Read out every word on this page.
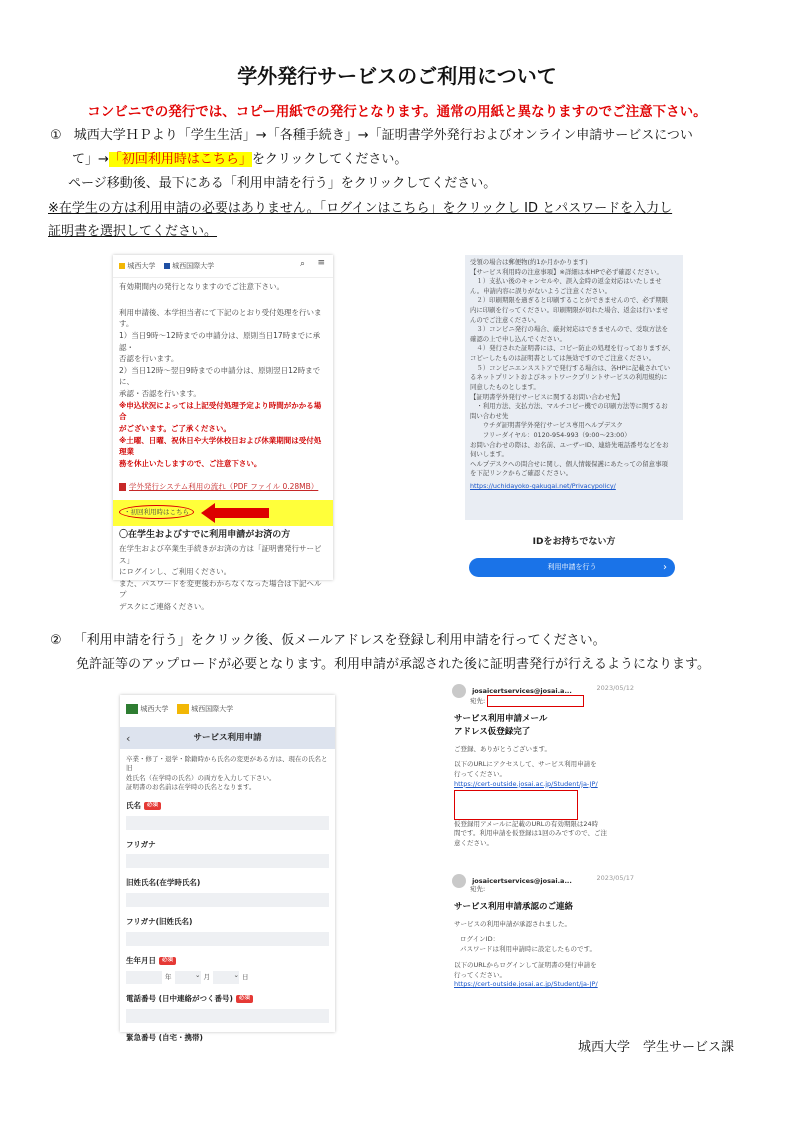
学外発行サービスのご利用について
コンビニでの発行では、コピー用紙での発行となります。通常の用紙と異なりますのでご注意下さい。
① 城西大学ＨＰより「学生生活」→「各種手続き」→「証明書学外発行およびオンライン申請サービスについ
て」→「初回利用時はこちら」をクリックしてください。
ページ移動後、最下にある「利用申請を行う」をクリックしてください。
※在学生の方は利用申請の必要はありません。「ログインはこちら」をクリックし ID とパスワードを入力し
証明書を選択してください。
城西大学 城西国際大学	⌕ ≡
有効期間内の発行となりますのでご注意下さい。
利用申請後、本学担当者にて下記のとおり受付処理を行いま
す。
1）当日9時～12時までの申請分は、原則当日17時までに承認・
否認を行います。
2）当日12時～翌日9時までの申請分は、原則翌日12時までに、
承認・否認を行います。
※申込状況によっては上記受付処理予定より時間がかかる場合
がございます。ご了承ください。
※土曜、日曜、祝休日や大学休校日および休業期間は受付処理業
務を休止いたしますので、ご注意下さい。
学外発行システム利用の流れ（PDF ファイル 0.28MB）
・初回利用時はこちら
〇在学生およびすでに利用申請がお済の方
在学生および卒業生手続きがお済の方は「証明書発行サービス」
にログインし、ご利用ください。
また、パスワードを変更後わからなくなった場合は下記ヘルプ
デスクにご連絡ください。
受領の場合は郵便物(約1か月かかります)
【サービス利用時の注意事項】※詳細は本HPで必ず確認ください。
　１）支払い後のキャンセルや、誤入金時の返金対応はいたしませ
ん。申請内容に誤りがないようご注意ください。
　２）印刷期限を過ぎると印刷することができませんので、必ず期限
内に印刷を行ってください。印刷期限が切れた場合、返金は行いませ
んのでご注意ください。
　３）コンビニ発行の場合、厳封対応はできませんので、受取方法を
確認の上で申し込んでください。
　４）発行された証明書には、コピー防止の処理を行っておりますが、
コピーしたものは証明書としては無効ですのでご注意ください。
　５）コンビニエンスストアで発行する場合は、各HPに記載されてい
るネットプリントおよびネットワークプリントサービスの利用規約に
同意したものとします。
【証明書学外発行サービスに関するお問い合わせ先】
　・利用方法、支払方法、マルチコピー機での印刷方法等に関するお
問い合わせ先
　　ウチダ証明書学外発行サービス専用ヘルプデスク
　　フリーダイヤル：0120-954-993（9:00～23:00）
お問い合わせの際は、お名前、ユーザーID、連絡先電話番号などをお
伺いします。
ヘルプデスクへの問合せに関し、個人情報保護にあたっての留意事項
を下記リンクからご確認ください。
https://uchidayoko-gakugai.net/Privacypolicy/
IDをお持ちでない方
利用申請を行う	›
② 「利用申請を行う」をクリック後、仮メールアドレスを登録し利用申請を行ってください。
免許証等のアップロードが必要となります。利用申請が承認された後に証明書発行が行えるようになります。
城西大学	城西国際大学
‹	サービス利用申請
卒業・修了・退学・除籍時から氏名の変更がある方は、現在の氏名と旧
姓氏名（在学時の氏名）の両方を入力して下さい。
証明書のお名前は在学時の氏名となります。
氏名 必須
フリガナ
旧姓氏名(在学時氏名)
フリガナ(旧姓氏名)
生年月日 必須
年	⌄ 月	⌄ 日
電話番号 (日中連絡がつく番号) 必須
緊急番号 (自宅・携帯)
josaicertservices@josai.a...	2023/05/12
宛先:
サービス利用申請メール
アドレス仮登録完了
ご登録、ありがとうございます。
以下のURLにアクセスして、サービス利用申請を
行ってください。
https://cert-outside.josai.ac.jp/Student/ja-JP/
仮登録用アメールに記載のURLの有効期限は24時
間です。利用申請を仮登録は1回のみですので、ご注
意ください。
josaicertservices@josai.a...	2023/05/17
宛先:
サービス利用申請承認のご連絡
サービスの利用申請が承認されました。
ログインID：
パスワードは利用申請時に設定したものです。
以下のURLからログインして証明書の発行申請を
行ってください。
https://cert-outside.josai.ac.jp/Student/ja-JP/
城西大学　学生サービス課
